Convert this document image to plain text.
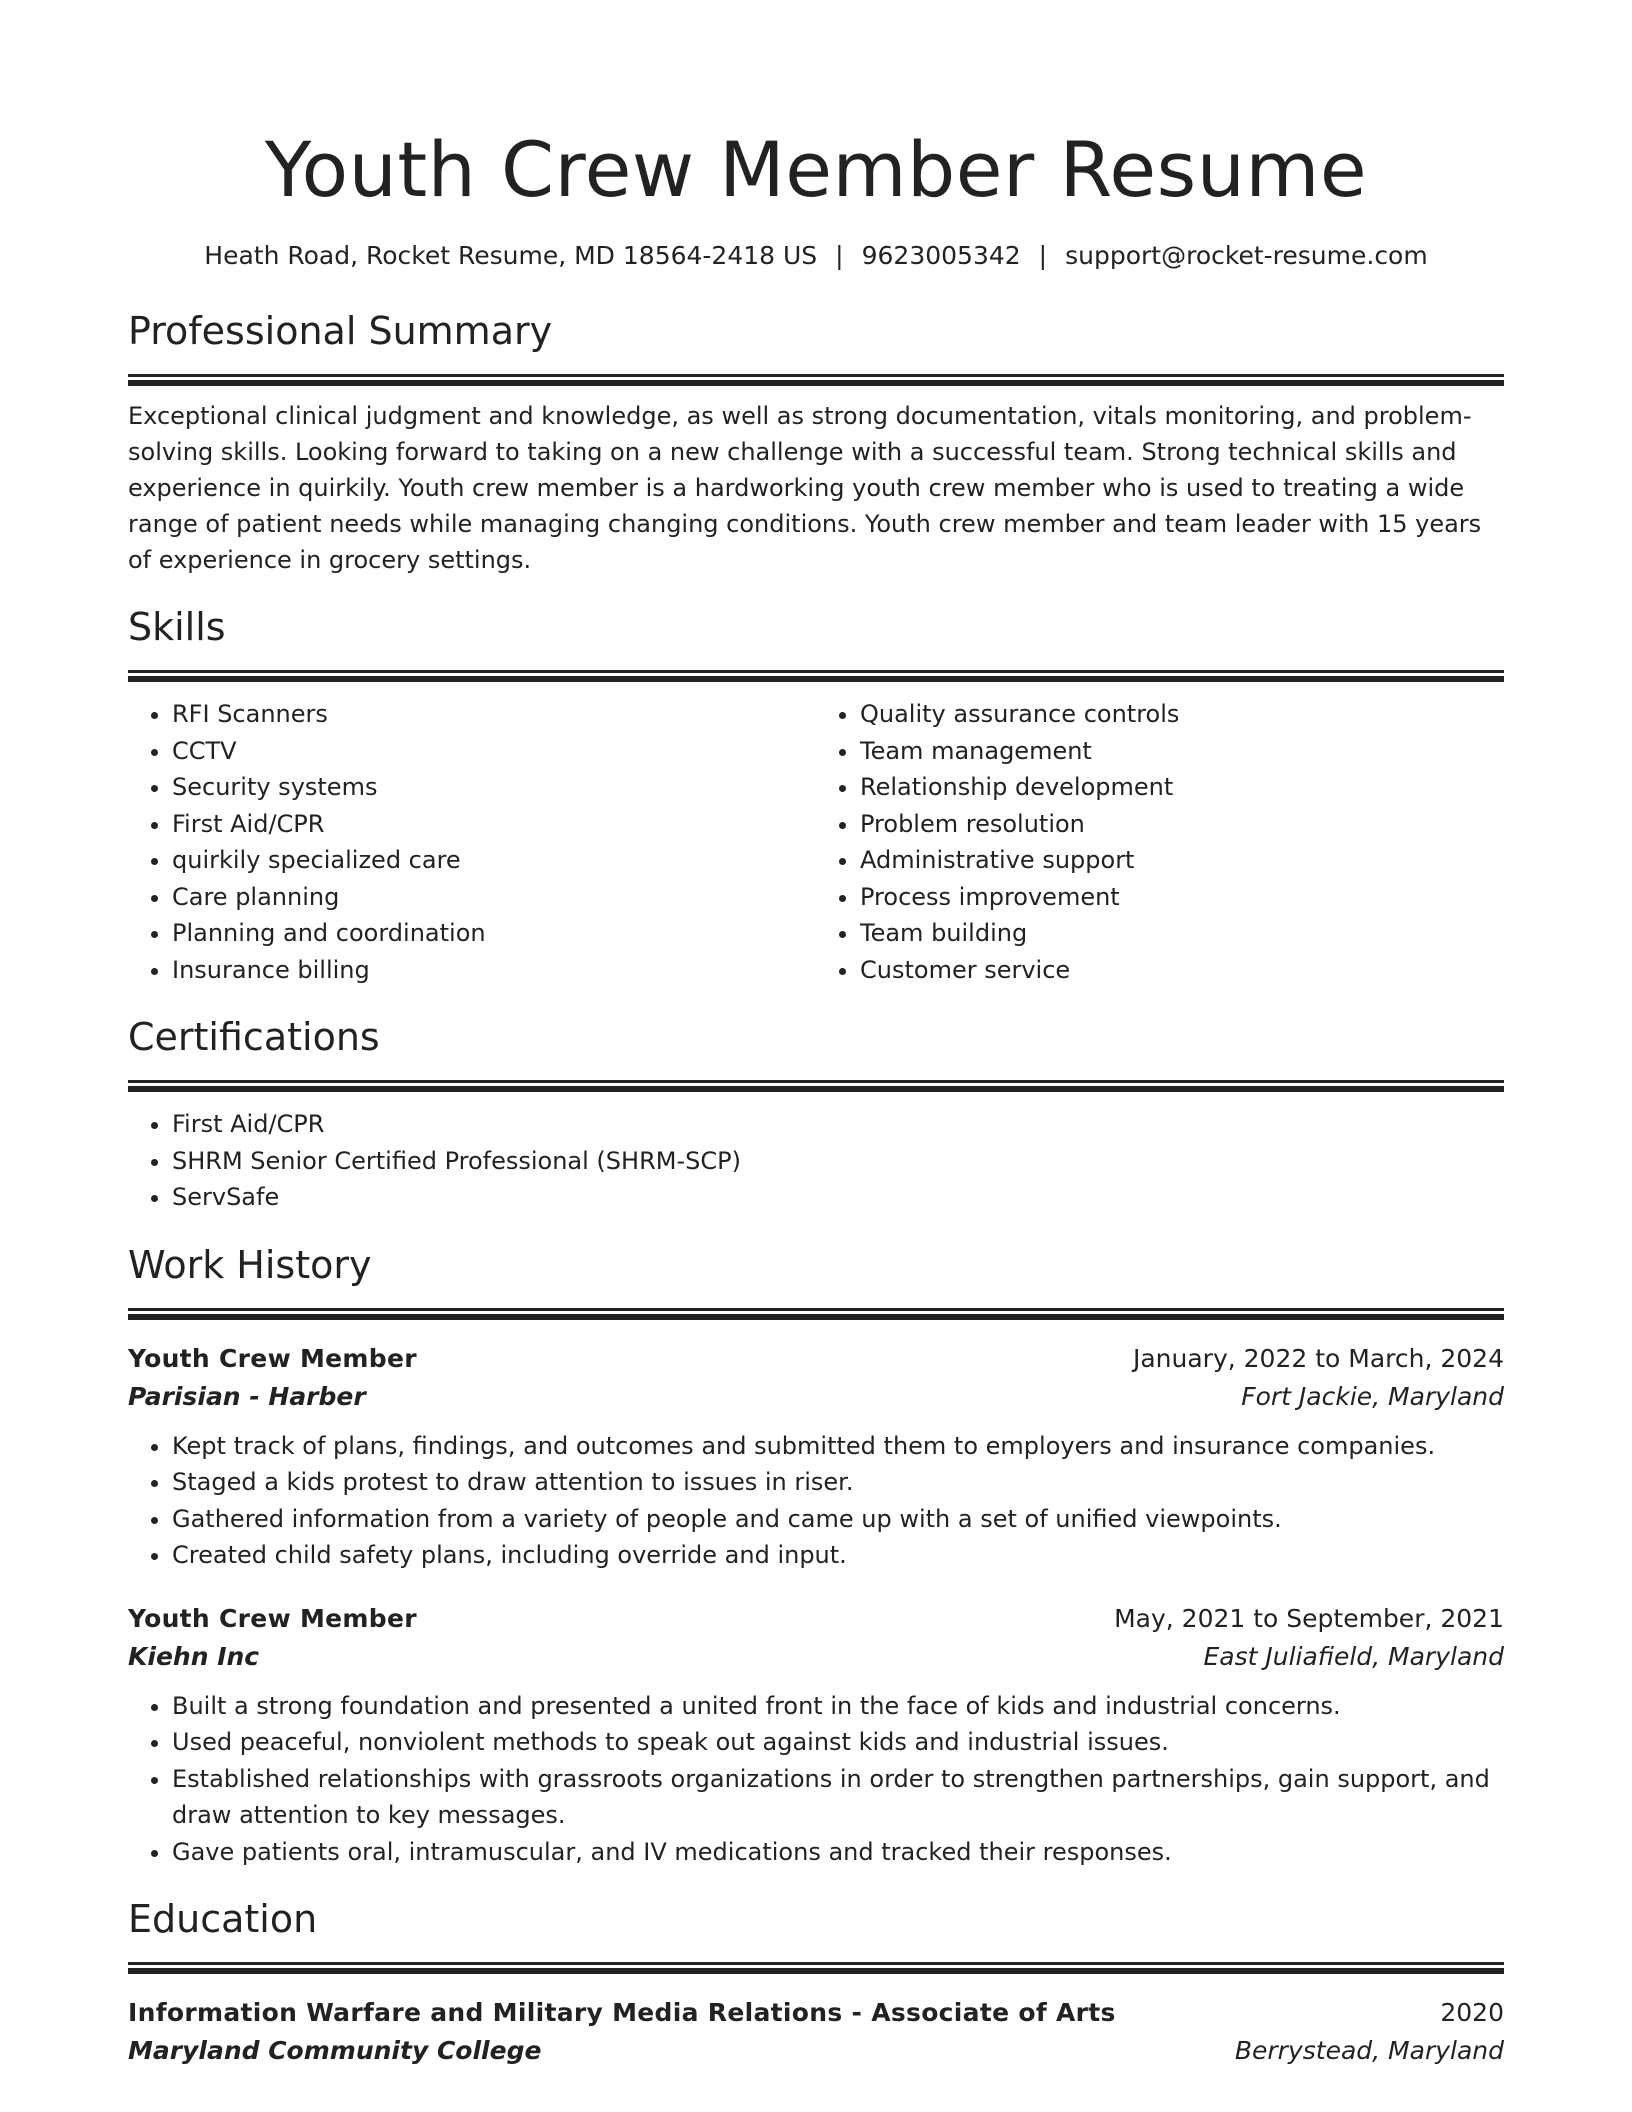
Youth Crew Member Resume
Heath Road, Rocket Resume, MD 18564-2418 US | 9623005342 | support@rocket-resume.com
Professional Summary

Exceptional clinical judgment and knowledge, as well as strong documentation, vitals monitoring, and problem-solving skills. Looking forward to taking on a new challenge with a successful team. Strong technical skills and experience in quirkily. Youth crew member is a hardworking youth crew member who is used to treating a wide range of patient needs while managing changing conditions. Youth crew member and team leader with 15 years of experience in grocery settings.

Skills
• RFI Scanners
• CCTV
• Security systems
• First Aid/CPR
• quirkily specialized care
• Care planning
• Planning and coordination
• Insurance billing
• Quality assurance controls
• Team management
• Relationship development
• Problem resolution
• Administrative support
• Process improvement
• Team building
• Customer service
Certifications
• First Aid/CPR
• SHRM Senior Certified Professional (SHRM-SCP)
• ServSafe
Work History
Youth Crew Member	January, 2022 to March, 2024
Parisian - Harber	Fort Jackie, Maryland
• Kept track of plans, findings, and outcomes and submitted them to employers and insurance companies.
• Staged a kids protest to draw attention to issues in riser.
• Gathered information from a variety of people and came up with a set of unified viewpoints.
• Created child safety plans, including override and input.
Youth Crew Member	May, 2021 to September, 2021
Kiehn Inc	East Juliafield, Maryland
• Built a strong foundation and presented a united front in the face of kids and industrial concerns.
• Used peaceful, nonviolent methods to speak out against kids and industrial issues.
• Established relationships with grassroots organizations in order to strengthen partnerships, gain support, and draw attention to key messages.
• Gave patients oral, intramuscular, and IV medications and tracked their responses.
Education
Information Warfare and Military Media Relations - Associate of Arts	2020
Maryland Community College	Berrystead, Maryland
